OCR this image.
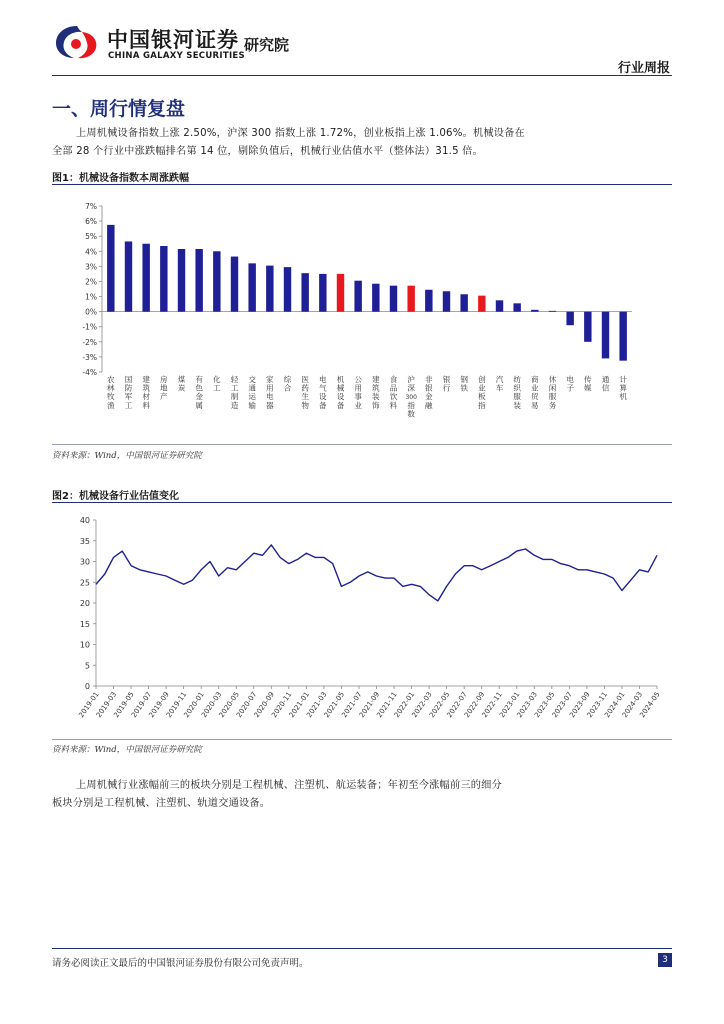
中国银河证券
CHINA GALAXY SECURITIES
研究院
行业周报
一、周行情复盘
上周机械设备指数上涨 2.50%，沪深 300 指数上涨 1.72%，创业板指上涨 1.06%。机械设备在
全部 28 个行业中涨跌幅排名第 14 位，剔除负值后，机械行业估值水平（整体法）31.5 倍。
图1：机械设备指数本周涨跌幅
7%
6%
5%
4%
3%
2%
1%
0%
-1%
-2%
-3%
-4%
农林牧渔
国防军工
建筑材料
房地产
煤炭
有色金属
化工
轻工制造
交通运输
家用电器
综合
医药生物
电气设备
机械设备
公用事业
建筑装饰
食品饮料
沪深 300 指数
非银金融
银行
钢铁
创业板指
汽车
纺织服装
商业贸易
休闲服务
电子
传媒
通信
计算机
资料来源：Wind，中国银河证券研究院
图2：机械设备行业估值变化
0
5
10
15
20
25
30
35
40
2019-01
2019-03
2019-05
2019-07
2019-09
2019-11
2020-01
2020-03
2020-05
2020-07
2020-09
2020-11
2021-01
2021-03
2021-05
2021-07
2021-09
2021-11
2022-01
2022-03
2022-05
2022-07
2022-09
2022-11
2023-01
2023-03
2023-05
2023-07
2023-09
2023-11
2024-01
2024-03
2024-05
资料来源：Wind，中国银河证券研究院
上周机械行业涨幅前三的板块分别是工程机械、注塑机、航运装备；年初至今涨幅前三的细分
板块分别是工程机械、注塑机、轨道交通设备。
请务必阅读正文最后的中国银河证券股份有限公司免责声明。	3
